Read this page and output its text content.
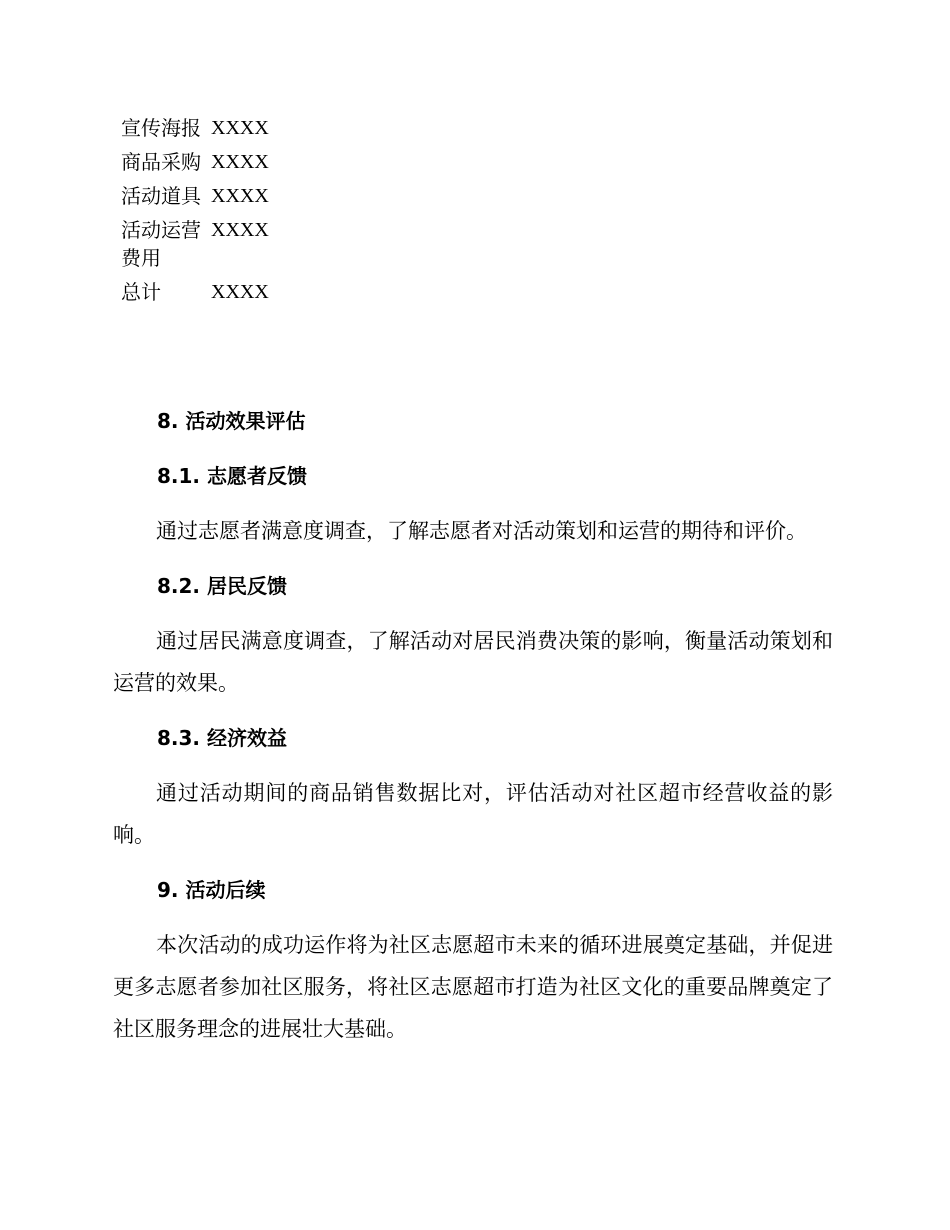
宣传海报	XXXX
商品采购	XXXX
活动道具	XXXX
活动运营费用	XXXX
总计	XXXX
8. 活动效果评估
8.1. 志愿者反馈

通过志愿者满意度调查，了解志愿者对活动策划和运营的期待和评价。

8.2. 居民反馈

通过居民满意度调查，了解活动对居民消费决策的影响，衡量活动策划和运营的效果。

8.3. 经济效益

通过活动期间的商品销售数据比对，评估活动对社区超市经营收益的影响。

9. 活动后续

本次活动的成功运作将为社区志愿超市未来的循环进展奠定基础，并促进更多志愿者参加社区服务，将社区志愿超市打造为社区文化的重要品牌奠定了社区服务理念的进展壮大基础。
